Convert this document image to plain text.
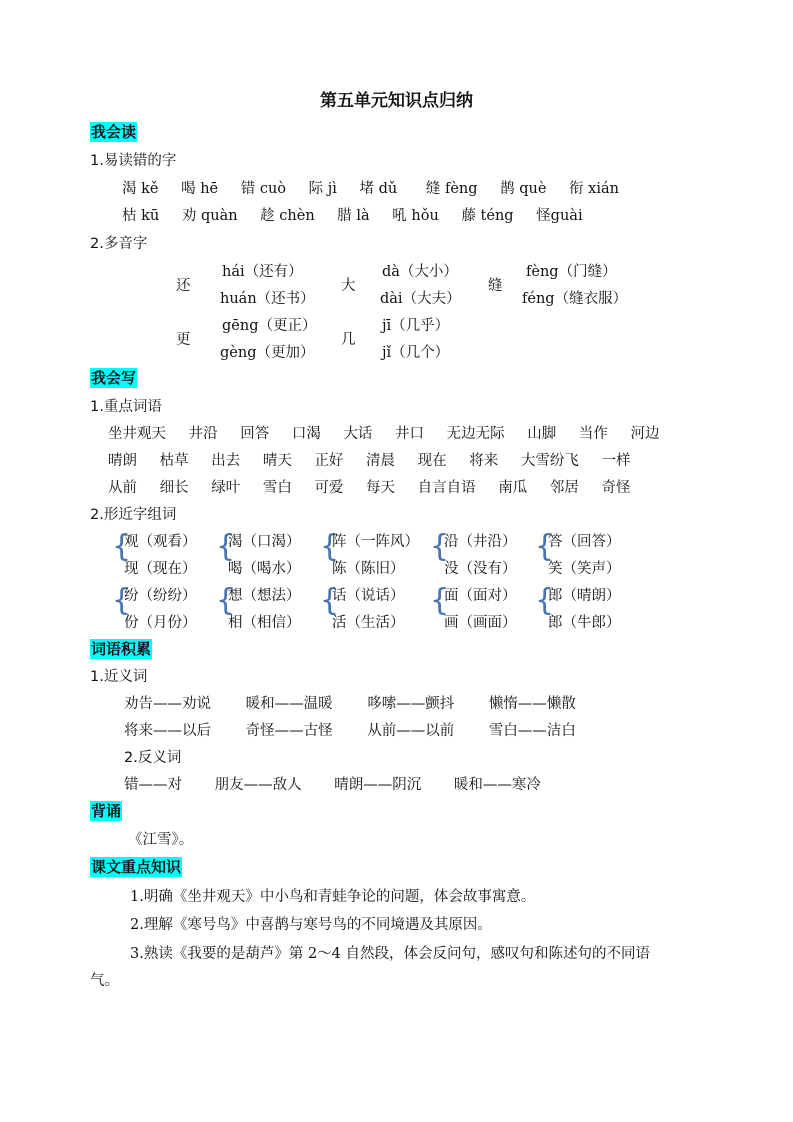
第五单元知识点归纳
我会读
1.易读错的字
渴 kě 喝 hē 错 cuò 际 jì 堵 dǔ 缝 fèng 鹊 què 衔 xián
枯 kū 劝 quàn 趁 chèn 腊 là 吼 hǒu 藤 téng 怪guài
2.多音字
还
hái（还有）
huán（还书）
大
dà（大小）
dài（大夫）
缝
fèng（门缝）
féng（缝衣服）
更
gēng（更正）
gèng（更加）
几
jī（几乎）
jǐ（几个）
我会写
1.重点词语
坐井观天 井沿 回答 口渴 大话 井口 无边无际 山脚 当作 河边
晴朗 枯草 出去 晴天 正好 清晨 现在 将来 大雪纷飞 一样
从前 细长 绿叶 雪白 可爱 每天 自言自语 南瓜 邻居 奇怪
2.形近字组词
{
观（观看）
现（现在）
{
渴（口渴）
喝（喝水）
{
阵（一阵风）
陈（陈旧）
{
沿（井沿）
没（没有）
{
答（回答）
笑（笑声）
{
纷（纷纷）
份（月份）
{
想（想法）
相（相信）
{
话（说话）
活（生活）
{
面（面对）
画（画面）
{
郎（晴朗）
郎（牛郎）
词语积累
1.近义词
劝告——劝说 暖和——温暖 哆嗦——颤抖 懒惰——懒散
将来——以后 奇怪——古怪 从前——以前 雪白——洁白
2.反义词
错——对 朋友——敌人 晴朗——阴沉 暖和——寒冷
背诵
《江雪》。
课文重点知识
1.明确《坐井观天》中小鸟和青蛙争论的问题，体会故事寓意。
2.理解《寒号鸟》中喜鹊与寒号鸟的不同境遇及其原因。
3.熟读《我要的是葫芦》第 2～4 自然段，体会反问句，感叹句和陈述句的不同语
气。
